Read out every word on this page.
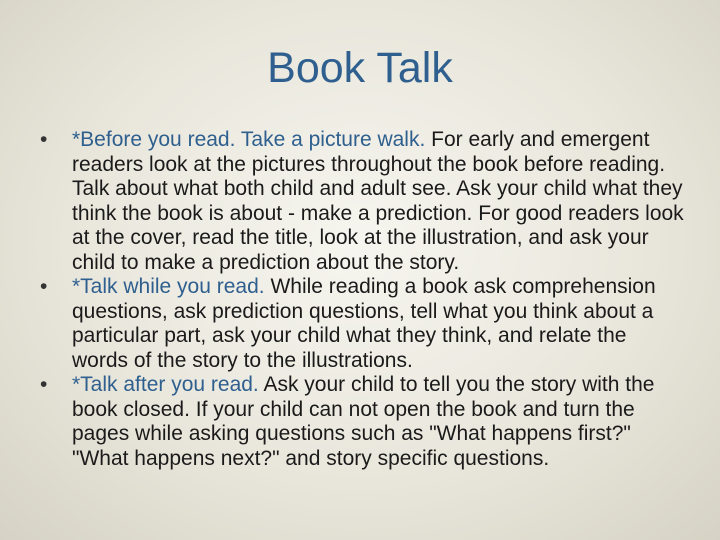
Book Talk
•	*Before you read. Take a picture walk. For early and emergent readers look at the pictures throughout the book before reading. Talk about what both child and adult see. Ask your child what they think the book is about - make a prediction. For good readers look at the cover, read the title, look at the illustration, and ask your child to make a prediction about the story.
•	*Talk while you read. While reading a book ask comprehension questions, ask prediction questions, tell what you think about a particular part, ask your child what they think, and relate the words of the story to the illustrations.
•	*Talk after you read. Ask your child to tell you the story with the book closed. If your child can not open the book and turn the pages while asking questions such as "What happens first?" "What happens next?" and story specific questions.
